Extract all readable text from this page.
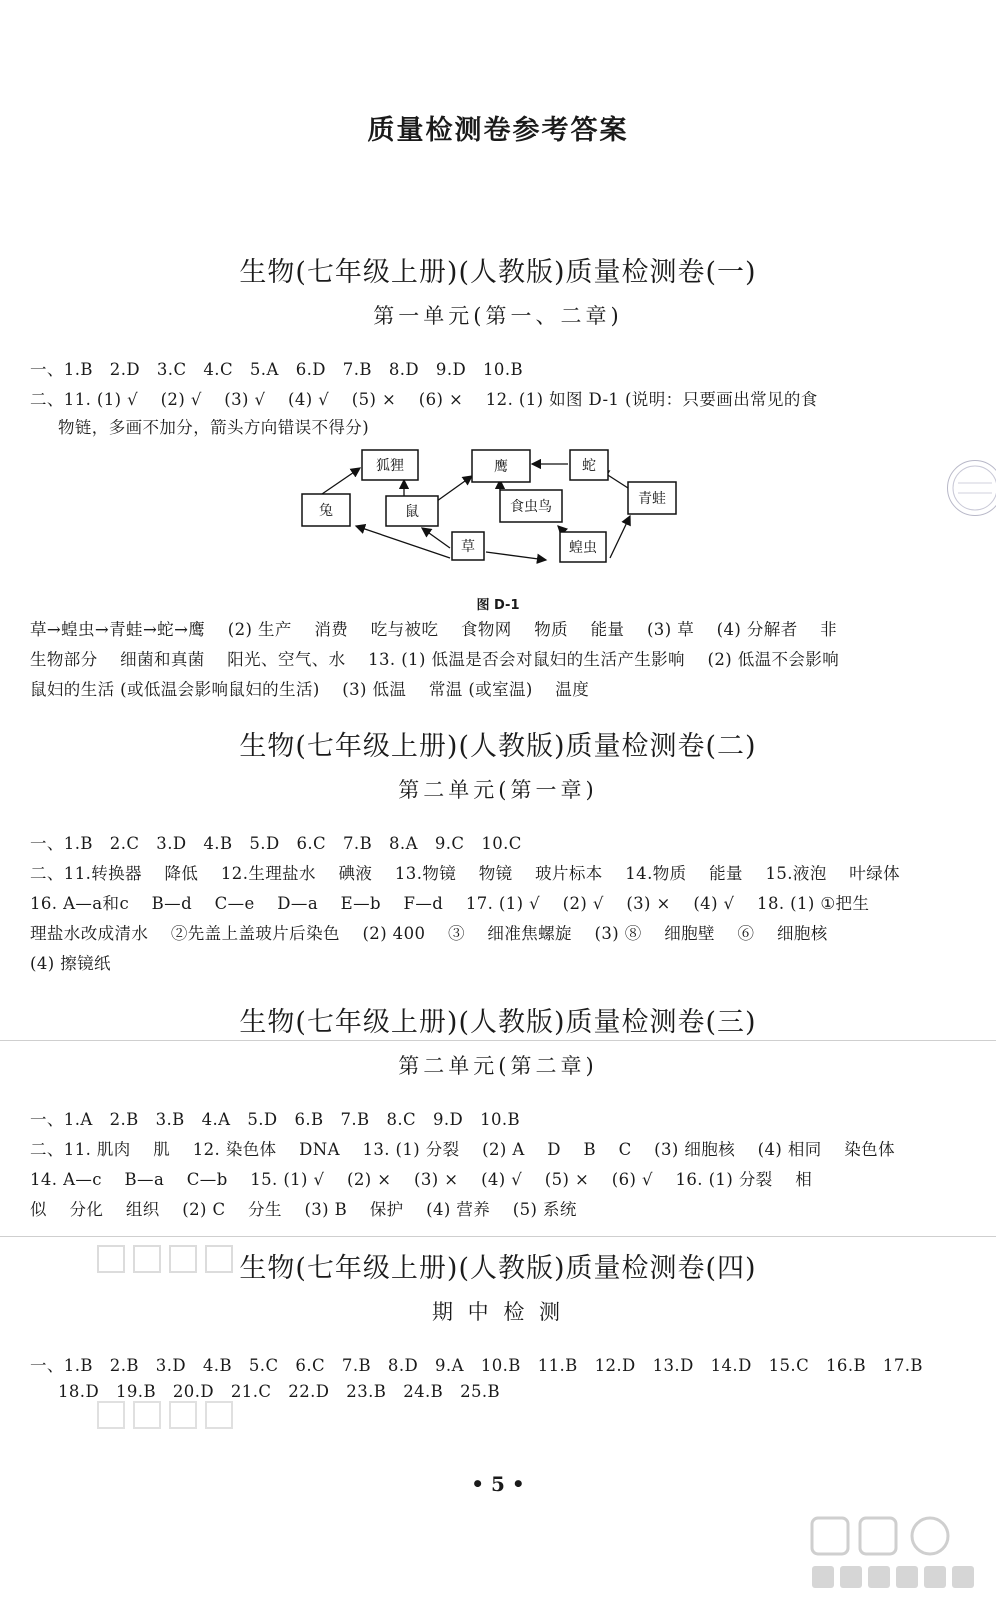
质量检测卷参考答案
生物(七年级上册)(人教版)质量检测卷(一)
第一单元(第一、二章)
一、1.B   2.D   3.C   4.C   5.A   6.D   7.B   8.D   9.D   10.B
二、11. (1) √    (2) √    (3) √    (4) √    (5) ×    (6) ×    12. (1) 如图 D-1 (说明：只要画出常见的食
物链，多画不加分，箭头方向错误不得分)
狐狸	鹰	蛇
兔	鼠	食虫鸟	青蛙
草	蝗虫
图 D-1
草→蝗虫→青蛙→蛇→鹰    (2) 生产    消费    吃与被吃    食物网    物质    能量    (3) 草    (4) 分解者    非
生物部分    细菌和真菌    阳光、空气、水    13. (1) 低温是否会对鼠妇的生活产生影响    (2) 低温不会影响
鼠妇的生活 (或低温会影响鼠妇的生活)    (3) 低温    常温 (或室温)    温度
生物(七年级上册)(人教版)质量检测卷(二)
第二单元(第一章)
一、1.B   2.C   3.D   4.B   5.D   6.C   7.B   8.A   9.C   10.C
二、11.转换器    降低    12.生理盐水    碘液    13.物镜    物镜    玻片标本    14.物质    能量    15.液泡    叶绿体
16. A—a和c    B—d    C—e    D—a    E—b    F—d    17. (1) √    (2) √    (3) ×    (4) √    18. (1) ①把生
理盐水改成清水    ②先盖上盖玻片后染色    (2) 400    ③    细准焦螺旋    (3) ⑧    细胞壁    ⑥    细胞核
(4) 擦镜纸
生物(七年级上册)(人教版)质量检测卷(三)
第二单元(第二章)
一、1.A   2.B   3.B   4.A   5.D   6.B   7.B   8.C   9.D   10.B
二、11. 肌肉    肌    12. 染色体    DNA    13. (1) 分裂    (2) A    D    B    C    (3) 细胞核    (4) 相同    染色体
14. A—c    B—a    C—b    15. (1) √    (2) ×    (3) ×    (4) √    (5) ×    (6) √    16. (1) 分裂    相
似    分化    组织    (2) C    分生    (3) B    保护    (4) 营养    (5) 系统
生物(七年级上册)(人教版)质量检测卷(四)
期 中 检 测
一、1.B   2.B   3.D   4.B   5.C   6.C   7.B   8.D   9.A   10.B   11.B   12.D   13.D   14.D   15.C   16.B   17.B
18.D   19.B   20.D   21.C   22.D   23.B   24.B   25.B
• 5 •
